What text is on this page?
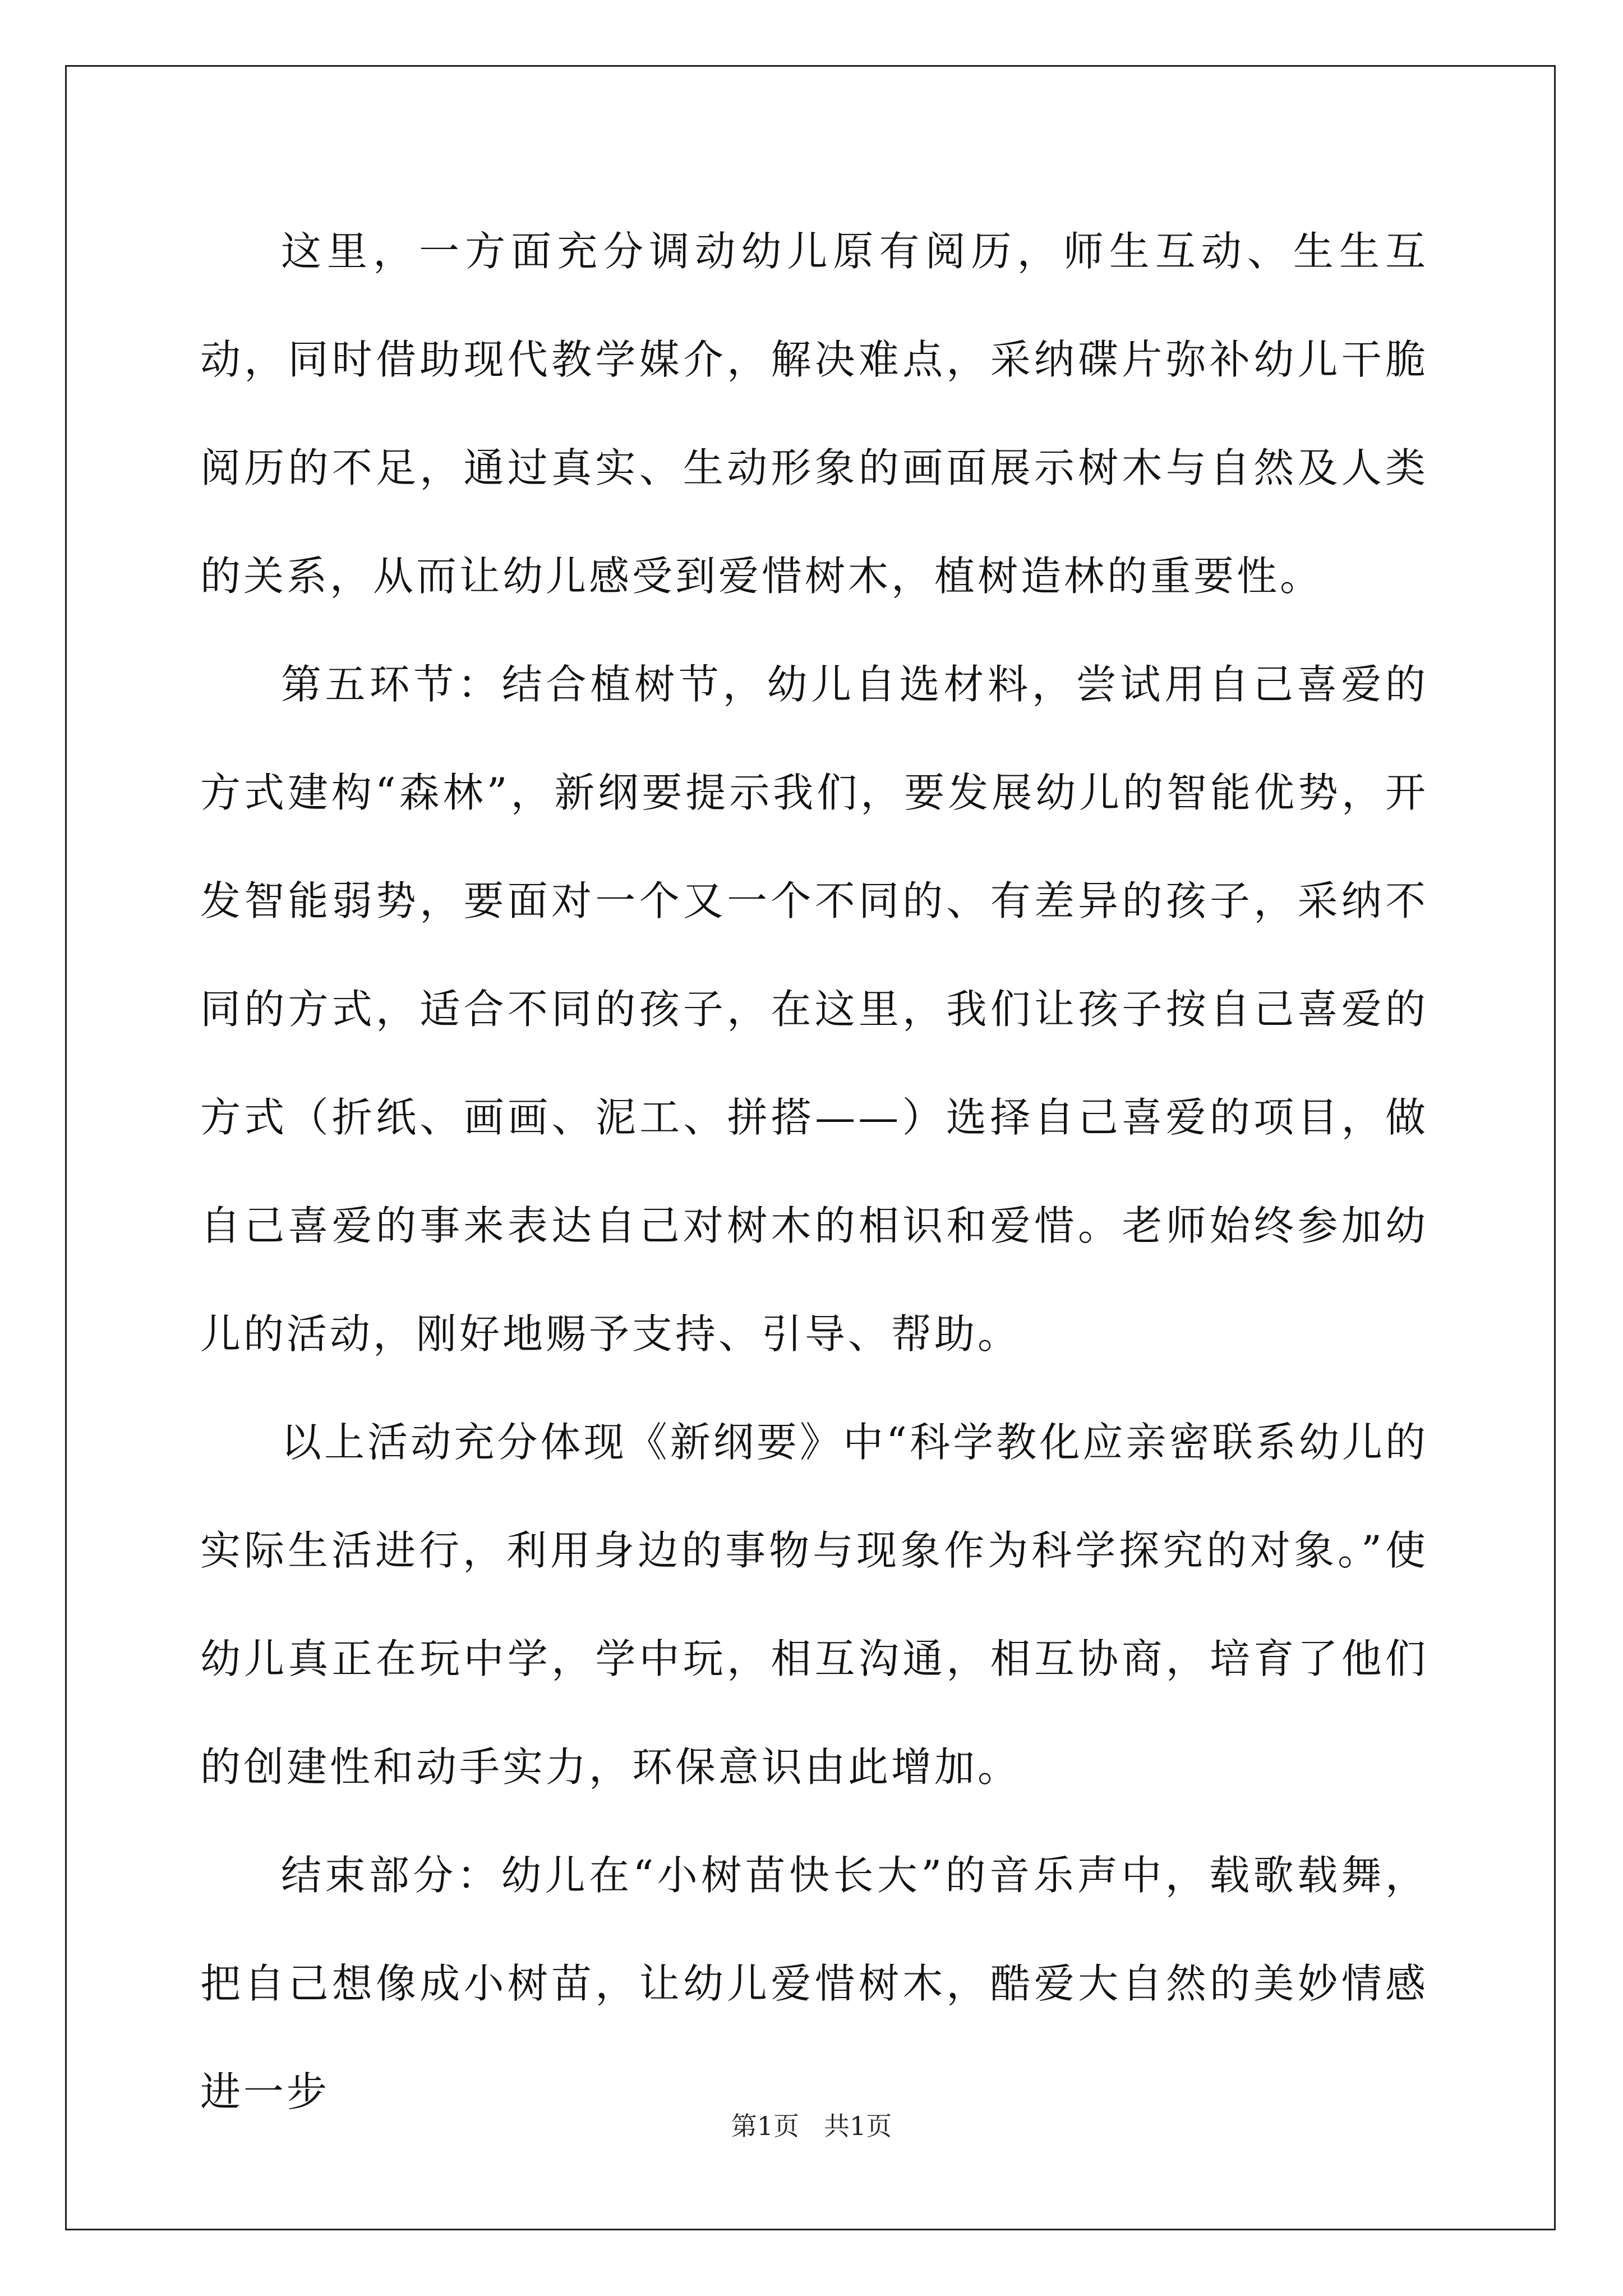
这里，一方面充分调动幼儿原有阅历，师生互动、生生互动，同时借助现代教学媒介，解决难点，采纳碟片弥补幼儿干脆阅历的不足，通过真实、生动形象的画面展示树木与自然及人类的关系，从而让幼儿感受到爱惜树木，植树造林的重要性。

第五环节：结合植树节，幼儿自选材料，尝试用自己喜爱的方式建构“森林”，新纲要提示我们，要发展幼儿的智能优势，开发智能弱势，要面对一个又一个不同的、有差异的孩子，采纳不同的方式，适合不同的孩子，在这里，我们让孩子按自己喜爱的方式（折纸、画画、泥工、拼搭——）选择自己喜爱的项目，做自己喜爱的事来表达自己对树木的相识和爱惜。老师始终参加幼儿的活动，刚好地赐予支持、引导、帮助。

以上活动充分体现《新纲要》中“科学教化应亲密联系幼儿的实际生活进行，利用身边的事物与现象作为科学探究的对象。”使幼儿真正在玩中学，学中玩，相互沟通，相互协商，培育了他们的创建性和动手实力，环保意识由此增加。

结束部分：幼儿在“小树苗快长大”的音乐声中，载歌载舞，把自己想像成小树苗，让幼儿爱惜树木，酷爱大自然的美妙情感进一步

第1页 共1页
